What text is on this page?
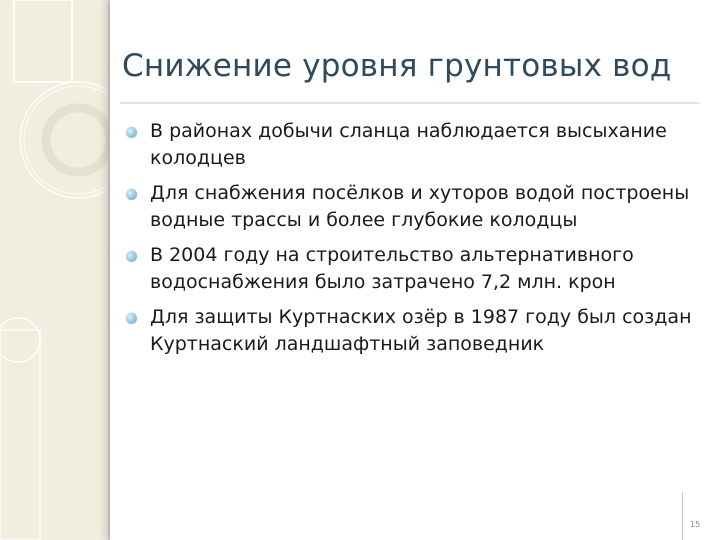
Снижение уровня грунтовых вод
В районах добычи сланца наблюдается высыхание колодцев
Для снабжения посёлков и хуторов водой построены водные трассы и более глубокие колодцы
В 2004 году на строительство альтернативного водоснабжения было затрачено 7,2 млн. крон
Для защиты Куртнаских озёр в 1987 году был создан Куртнаский ландшафтный заповедник
15
